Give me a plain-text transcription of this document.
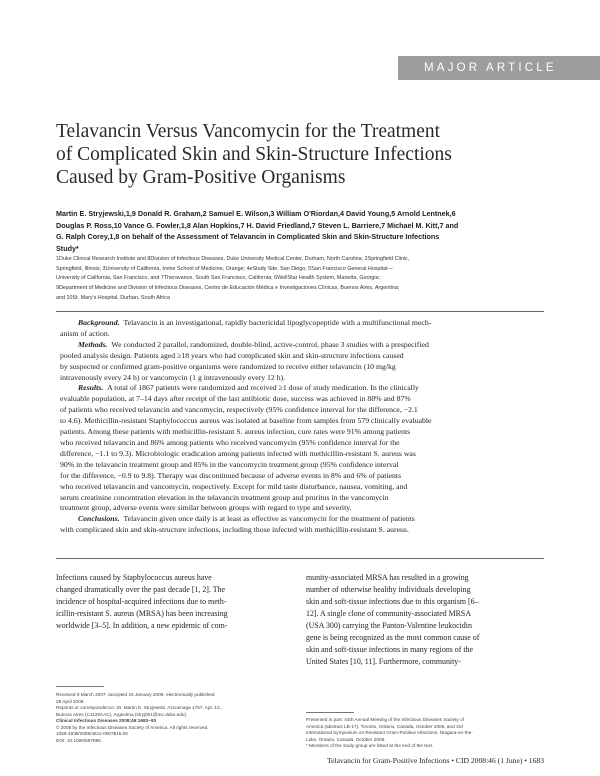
MAJOR ARTICLE
Telavancin Versus Vancomycin for the Treatment
of Complicated Skin and Skin-Structure Infections
Caused by Gram-Positive Organisms
Martin E. Stryjewski,1,9 Donald R. Graham,2 Samuel E. Wilson,3 William O'Riordan,4 David Young,5 Arnold Lentnek,6
Douglas P. Ross,10 Vance G. Fowler,1,8 Alan Hopkins,7 H. David Friedland,7 Steven L. Barriere,7 Michael M. Kitt,7 and
G. Ralph Corey,1,8 on behalf of the Assessment of Telavancin in Complicated Skin and Skin-Structure Infections
Study*
1Duke Clinical Research Institute and 8Division of Infectious Diseases, Duke University Medical Center, Durham, North Carolina; 2Springfield Clinic,
Springfield, Illinois; 3University of California, Irvine School of Medicine, Orange; 4eStudy Site, San Diego, 5San Francisco General Hospital—
University of California, San Francisco, and 7Theravance, South San Francisco, California; 6WellStar Health System, Marietta, Georgia;
9Department of Medicine and Division of Infectious Diseases, Centro de Educación Médica e Investigaciones Clínicas, Buenos Aires, Argentina;
and 10St. Mary's Hospital, Durban, South Africa
Background. Telavancin is an investigational, rapidly bactericidal lipoglycopeptide with a multifunctional mech-
anism of action.
Methods. We conducted 2 parallel, randomized, double-blind, active-control, phase 3 studies with a prespecified
pooled analysis design. Patients aged ≥18 years who had complicated skin and skin-structure infections caused
by suspected or confirmed gram-positive organisms were randomized to receive either telavancin (10 mg/kg
intravenously every 24 h) or vancomycin (1 g intravenously every 12 h).
Results. A total of 1867 patients were randomized and received ≥1 dose of study medication. In the clinically
evaluable population, at 7–14 days after receipt of the last antibiotic dose, success was achieved in 88% and 87%
of patients who received telavancin and vancomycin, respectively (95% confidence interval for the difference, −2.1
to 4.6). Methicillin-resistant Staphylococcus aureus was isolated at baseline from samples from 579 clinically evaluable
patients. Among these patients with methicillin-resistant S. aureus infection, cure rates were 91% among patients
who received telavancin and 86% among patients who received vancomycin (95% confidence interval for the
difference, −1.1 to 9.3). Microbiologic eradication among patients infected with methicillin-resistant S. aureus was
90% in the telavancin treatment group and 85% in the vancomycin treatment group (95% confidence interval
for the difference, −0.9 to 9.8). Therapy was discontinued because of adverse events in 8% and 6% of patients
who received telavancin and vancomycin, respectively. Except for mild taste disturbance, nausea, vomiting, and
serum creatinine concentration elevation in the telavancin treatment group and pruritus in the vancomycin
treatment group, adverse events were similar between groups with regard to type and severity.
Conclusions. Telavancin given once daily is at least as effective as vancomycin for the treatment of patients
with complicated skin and skin-structure infections, including those infected with methicillin-resistant S. aureus.
Infections caused by Staphylococcus aureus have
changed dramatically over the past decade [1, 2]. The
incidence of hospital-acquired infections due to meth-
icillin-resistant S. aureus (MRSA) has been increasing
worldwide [3–5]. In addition, a new epidemic of com-
munity-associated MRSA has resulted in a growing
number of otherwise healthy individuals developing
skin and soft-tissue infections due to this organism [6–
12]. A single clone of community-associated MRSA
(USA 300) carrying the Panton-Valentine leukocidin
gene is being recognized as the most common cause of
skin and soft-tissue infections in many regions of the
United States [10, 11]. Furthermore, community-
Received 8 March 2007; accepted 15 January 2008; electronically published
28 April 2008.
Reprints or correspondence: Dr. Martin E. Stryjewski, Azcuenaga 1757, Apt. 1C,
Buenos Aires (C1128AAC), Argentina (stryj001@mc.duke.edu).
Clinical Infectious Diseases 2008;46:1683–93
© 2008 by the Infectious Diseases Society of America. All rights reserved.
1058-4838/2008/4611-0007$15.00
DOI: 10.1086/587896
Presented in part: 44th Annual Meeting of the Infectious Diseases Society of
America (abstract LB-17), Toronto, Ontario, Canada, October 2006, and 3rd
International Symposium on Resistant Gram-Positive Infections, Niagara-on-the-
Lake, Ontario, Canada, October 2006.
* Members of the study group are listed at the end of the text.
Telavancin for Gram-Positive Infections • CID 2008:46 (1 June) • 1683
